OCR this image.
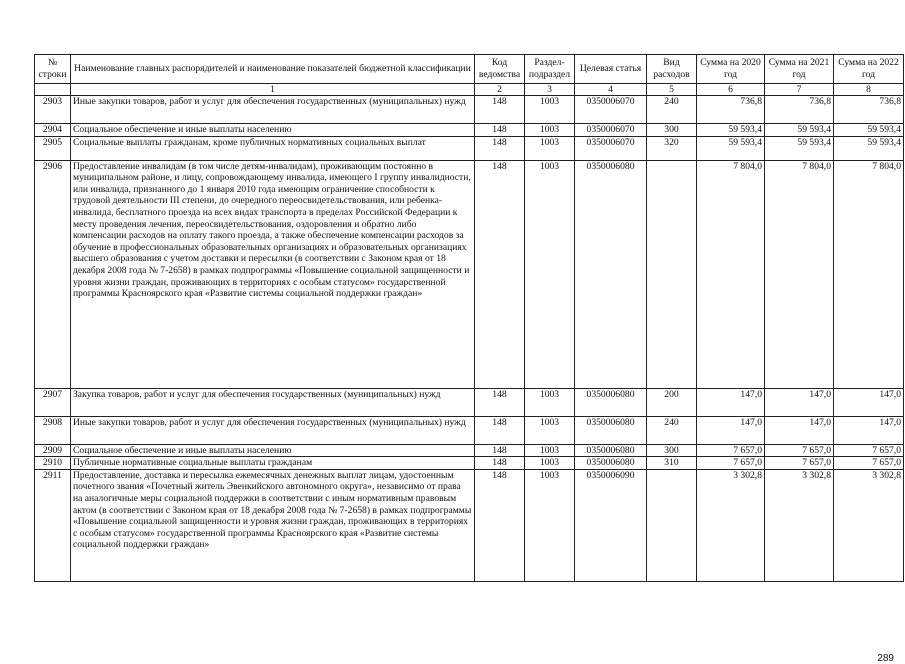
№ строки	Наименование главных распорядителей и наименование показателей бюджетной классификации	Код ведомства	Раздел-подраздел	Целевая статья	Вид расходов	Сумма на 2020 год	Сумма на 2021 год	Сумма на 2022 год
	1	2	3	4	5	6	7	8
2903	Иные закупки товаров, работ и услуг для обеспечения государственных (муниципальных) нужд	148	1003	0350006070	240	736,8	736,8	736,8
2904	Социальное обеспечение и иные выплаты населению	148	1003	0350006070	300	59 593,4	59 593,4	59 593,4
2905	Социальные выплаты гражданам, кроме публичных нормативных социальных выплат	148	1003	0350006070	320	59 593,4	59 593,4	59 593,4
2906	Предоставление инвалидам (в том числе детям-инвалидам), проживающим постоянно в муниципальном районе, и лицу, сопровождающему инвалида, имеющего I группу инвалидности, или инвалида, признанного до 1 января 2010 года имеющим ограничение способности к трудовой деятельности III степени, до очередного переосвидетельствования, или ребенка-инвалида, бесплатного проезда на всех видах транспорта в пределах Российской Федерации к месту проведения лечения, переосвидетельствования, оздоровления и обратно либо компенсации расходов на оплату такого проезда, а также обеспечение компенсации расходов за обучение в профессиональных образовательных организациях и образовательных организациях высшего образования с учетом доставки и пересылки (в соответствии с Законом края от 18 декабря 2008 года № 7-2658) в рамках подпрограммы «Повышение социальной защищенности и уровня жизни граждан, проживающих в территориях с особым статусом» государственной программы Красноярского края «Развитие системы социальной поддержки граждан»	148	1003	0350006080		7 804,0	7 804,0	7 804,0
2907	Закупка товаров, работ и услуг для обеспечения государственных (муниципальных) нужд	148	1003	0350006080	200	147,0	147,0	147,0
2908	Иные закупки товаров, работ и услуг для обеспечения государственных (муниципальных) нужд	148	1003	0350006080	240	147,0	147,0	147,0
2909	Социальное обеспечение и иные выплаты населению	148	1003	0350006080	300	7 657,0	7 657,0	7 657,0
2910	Публичные нормативные социальные выплаты гражданам	148	1003	0350006080	310	7 657,0	7 657,0	7 657,0
2911	Предоставление, доставка и пересылка ежемесячных денежных выплат лицам, удостоенным почетного звания «Почетный житель Эвенкийского автономного округа», независимо от права на аналогичные меры социальной поддержки в соответствии с иным нормативным правовым актом (в соответствии с Законом края от 18 декабря 2008 года № 7-2658) в рамках подпрограммы «Повышение социальной защищенности и уровня жизни граждан, проживающих в территориях с особым статусом» государственной программы Красноярского края «Развитие системы социальной поддержки граждан»	148	1003	0350006090		3 302,8	3 302,8	3 302,8
289
